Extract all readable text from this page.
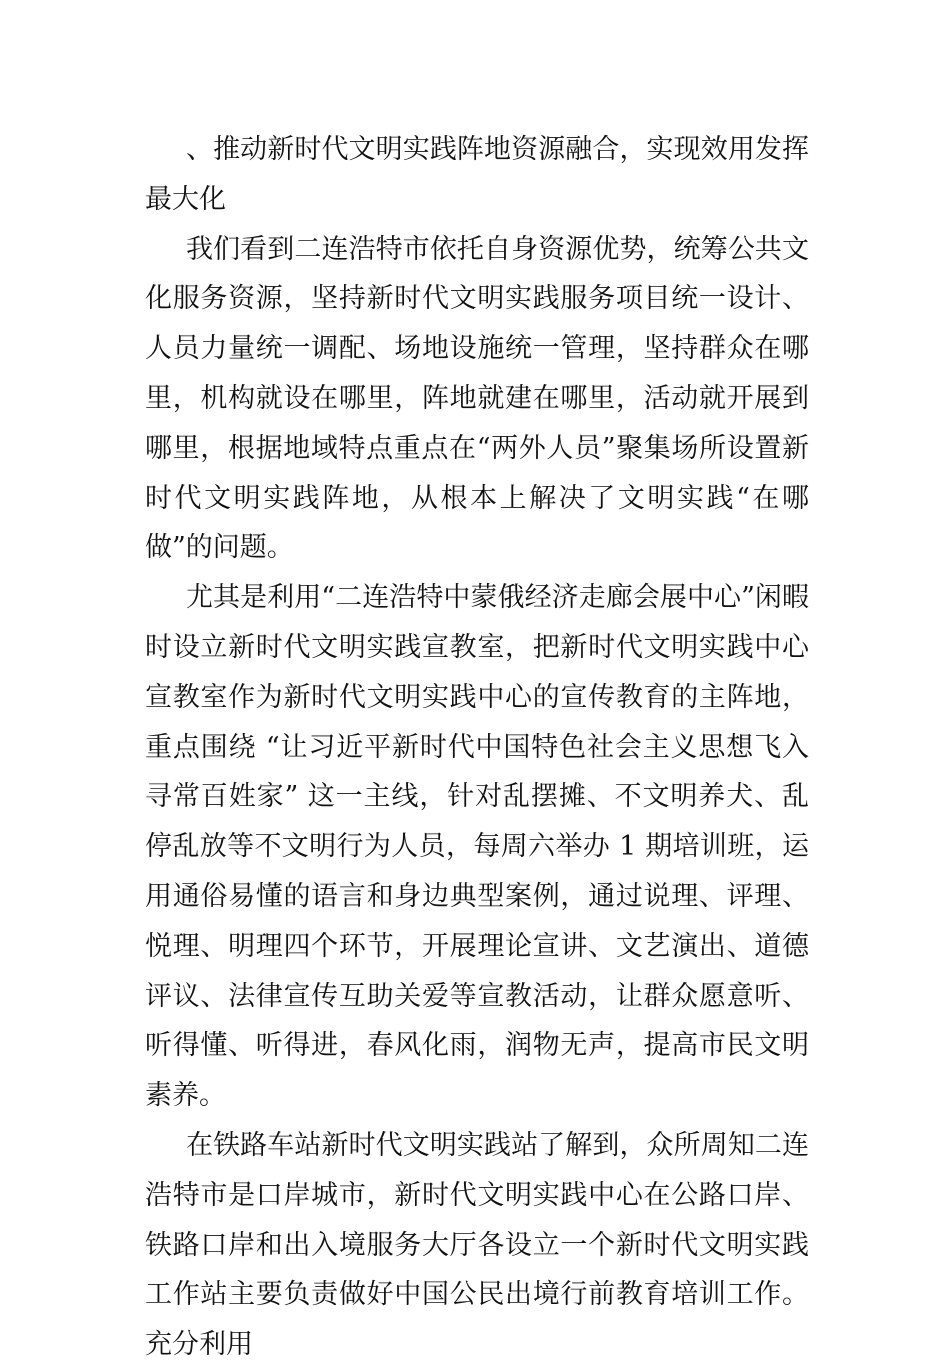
、推动新时代文明实践阵地资源融合，实现效用发挥最大化

我们看到二连浩特市依托自身资源优势，统筹公共文化服务资源，坚持新时代文明实践服务项目统一设计、人员力量统一调配、场地设施统一管理，坚持群众在哪里，机构就设在哪里，阵地就建在哪里，活动就开展到哪里，根据地域特点重点在“两外人员”聚集场所设置新时代文明实践阵地，从根本上解决了文明实践“在哪做”的问题。

尤其是利用“二连浩特中蒙俄经济走廊会展中心”闲暇时设立新时代文明实践宣教室，把新时代文明实践中心宣教室作为新时代文明实践中心的宣传教育的主阵地，重点围绕 “让习近平新时代中国特色社会主义思想飞入寻常百姓家” 这一主线，针对乱摆摊、不文明养犬、乱停乱放等不文明行为人员，每周六举办 1 期培训班，运用通俗易懂的语言和身边典型案例，通过说理、评理、悦理、明理四个环节，开展理论宣讲、文艺演出、道德评议、法律宣传互助关爱等宣教活动，让群众愿意听、听得懂、听得进，春风化雨，润物无声，提高市民文明素养。

在铁路车站新时代文明实践站了解到，众所周知二连浩特市是口岸城市，新时代文明实践中心在公路口岸、铁路口岸和出入境服务大厅各设立一个新时代文明实践工作站主要负责做好中国公民出境行前教育培训工作。充分利用
